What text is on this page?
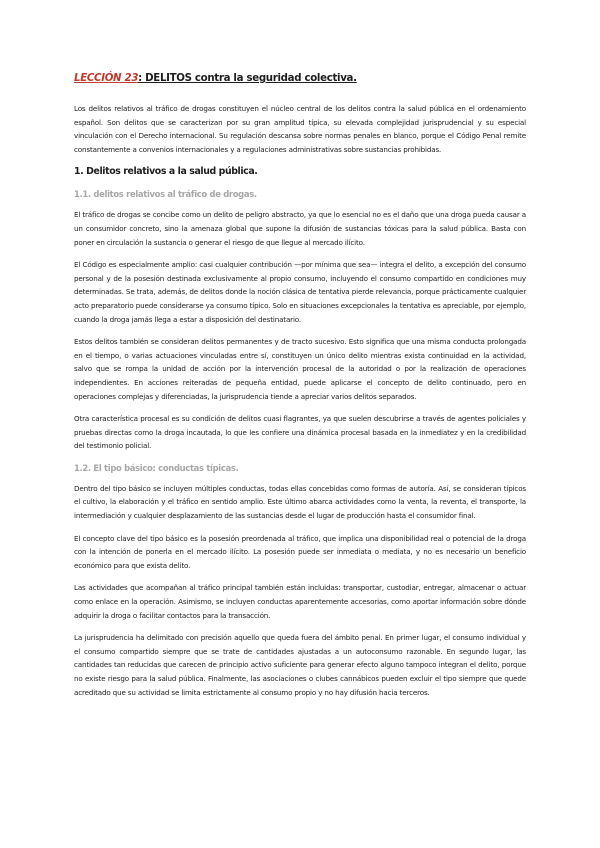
LECCIÓN 23: DELITOS contra la seguridad colectiva.

Los delitos relativos al tráfico de drogas constituyen el núcleo central de los delitos contra la salud pública en el ordenamiento español. Son delitos que se caracterizan por su gran amplitud típica, su elevada complejidad jurisprudencial y su especial vinculación con el Derecho internacional. Su regulación descansa sobre normas penales en blanco, porque el Código Penal remite constantemente a convenios internacionales y a regulaciones administrativas sobre sustancias prohibidas.

1. Delitos relativos a la salud pública.
1.1. delitos relativos al tráfico de drogas.

El tráfico de drogas se concibe como un delito de peligro abstracto, ya que lo esencial no es el daño que una droga pueda causar a un consumidor concreto, sino la amenaza global que supone la difusión de sustancias tóxicas para la salud pública. Basta con poner en circulación la sustancia o generar el riesgo de que llegue al mercado ilícito.

El Código es especialmente amplio: casi cualquier contribución —por mínima que sea— integra el delito, a excepción del consumo personal y de la posesión destinada exclusivamente al propio consumo, incluyendo el consumo compartido en condiciones muy determinadas. Se trata, además, de delitos donde la noción clásica de tentativa pierde relevancia, porque prácticamente cualquier acto preparatorio puede considerarse ya consumo típico. Solo en situaciones excepcionales la tentativa es apreciable, por ejemplo, cuando la droga jamás llega a estar a disposición del destinatario.

Estos delitos también se consideran delitos permanentes y de tracto sucesivo. Esto significa que una misma conducta prolongada en el tiempo, o varias actuaciones vinculadas entre sí, constituyen un único delito mientras exista continuidad en la actividad, salvo que se rompa la unidad de acción por la intervención procesal de la autoridad o por la realización de operaciones independientes. En acciones reiteradas de pequeña entidad, puede aplicarse el concepto de delito continuado, pero en operaciones complejas y diferenciadas, la jurisprudencia tiende a apreciar varios delitos separados.

Otra característica procesal es su condición de delitos cuasi flagrantes, ya que suelen descubrirse a través de agentes policiales y pruebas directas como la droga incautada, lo que les confiere una dinámica procesal basada en la inmediatez y en la credibilidad del testimonio policial.

1.2. El tipo básico: conductas típicas.

Dentro del tipo básico se incluyen múltiples conductas, todas ellas concebidas como formas de autoría. Así, se consideran típicos el cultivo, la elaboración y el tráfico en sentido amplio. Este último abarca actividades como la venta, la reventa, el transporte, la intermediación y cualquier desplazamiento de las sustancias desde el lugar de producción hasta el consumidor final.

El concepto clave del tipo básico es la posesión preordenada al tráfico, que implica una disponibilidad real o potencial de la droga con la intención de ponerla en el mercado ilícito. La posesión puede ser inmediata o mediata, y no es necesario un beneficio económico para que exista delito.

Las actividades que acompañan al tráfico principal también están incluidas: transportar, custodiar, entregar, almacenar o actuar como enlace en la operación. Asimismo, se incluyen conductas aparentemente accesorias, como aportar información sobre dónde adquirir la droga o facilitar contactos para la transacción.

La jurisprudencia ha delimitado con precisión aquello que queda fuera del ámbito penal. En primer lugar, el consumo individual y el consumo compartido siempre que se trate de cantidades ajustadas a un autoconsumo razonable. En segundo lugar, las cantidades tan reducidas que carecen de principio activo suficiente para generar efecto alguno tampoco integran el delito, porque no existe riesgo para la salud pública. Finalmente, las asociaciones o clubes cannábicos pueden excluir el tipo siempre que quede acreditado que su actividad se limita estrictamente al consumo propio y no hay difusión hacia terceros.
